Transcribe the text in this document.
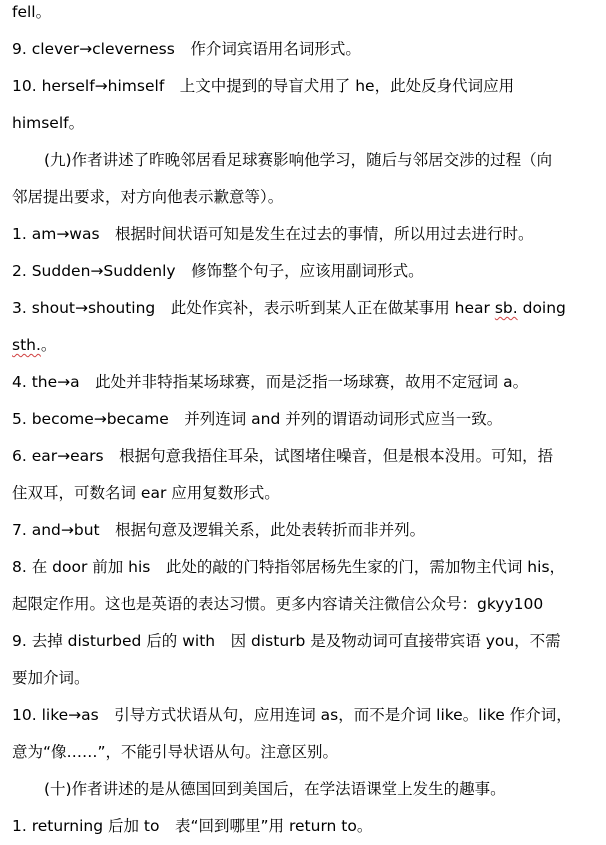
fell。
9. clever→cleverness　作介词宾语用名词形式。
10. herself→himself　上文中提到的导盲犬用了 he，此处反身代词应用
himself。
(九)作者讲述了昨晚邻居看足球赛影响他学习，随后与邻居交涉的过程（向
邻居提出要求，对方向他表示歉意等）。
1. am→was　根据时间状语可知是发生在过去的事情，所以用过去进行时。
2. Sudden→Suddenly　修饰整个句子，应该用副词形式。
3. shout→shouting　此处作宾补，表示听到某人正在做某事用 hear sb. doing
sth.。
4. the→a　此处并非特指某场球赛，而是泛指一场球赛，故用不定冠词 a。
5. become→became　并列连词 and 并列的谓语动词形式应当一致。
6. ear→ears　根据句意我捂住耳朵，试图堵住噪音，但是根本没用。可知，捂
住双耳，可数名词 ear 应用复数形式。
7. and→but　根据句意及逻辑关系，此处表转折而非并列。
8. 在 door 前加 his　此处的敲的门特指邻居杨先生家的门，需加物主代词 his，
起限定作用。这也是英语的表达习惯。更多内容请关注微信公众号：gkyy100
9. 去掉 disturbed 后的 with　因 disturb 是及物动词可直接带宾语 you，不需
要加介词。
10. like→as　引导方式状语从句，应用连词 as，而不是介词 like。like 作介词，
意为“像……”，不能引导状语从句。注意区别。
(十)作者讲述的是从德国回到美国后，在学法语课堂上发生的趣事。
1. returning 后加 to　表“回到哪里”用 return to。
